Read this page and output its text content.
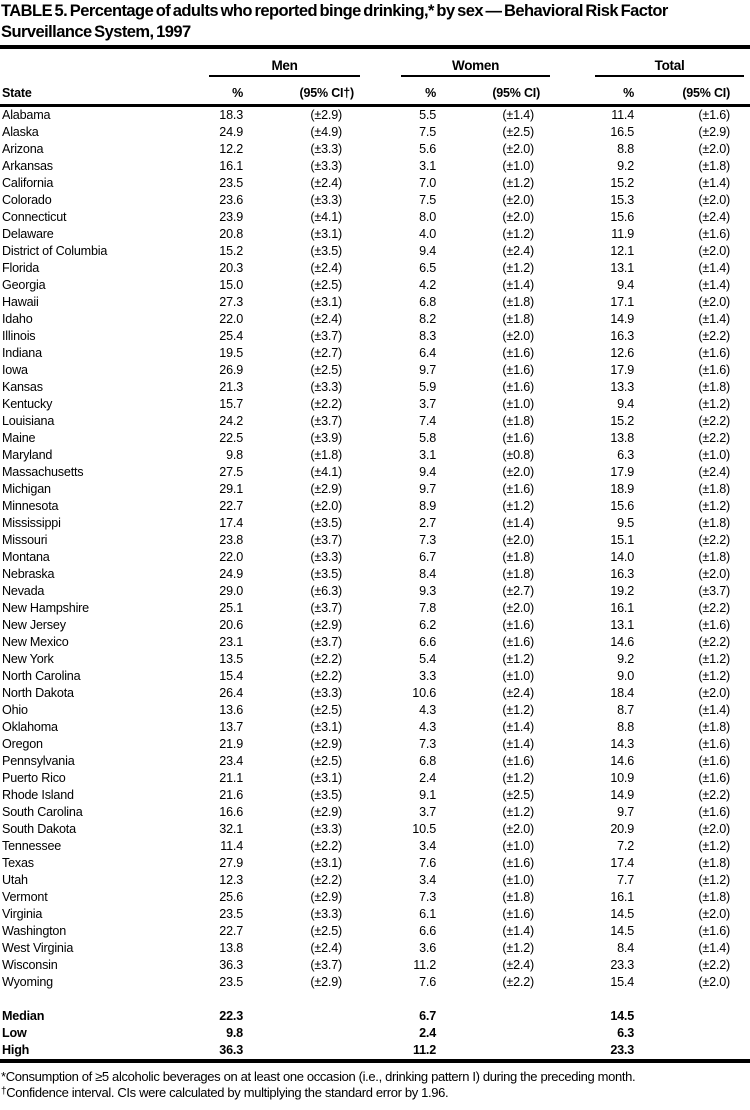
TABLE 5. Percentage of adults who reported binge drinking,* by sex — Behavioral Risk Factor Surveillance System, 1997

	Men		Women		Total	

State	%	(95% CI†)	%	(95% CI)	%	(95% CI)
Alabama	18.3	(±2.9)	5.5	(±1.4)	11.4	(±1.6)
Alaska	24.9	(±4.9)	7.5	(±2.5)	16.5	(±2.9)
Arizona	12.2	(±3.3)	5.6	(±2.0)	8.8	(±2.0)
Arkansas	16.1	(±3.3)	3.1	(±1.0)	9.2	(±1.8)
California	23.5	(±2.4)	7.0	(±1.2)	15.2	(±1.4)
Colorado	23.6	(±3.3)	7.5	(±2.0)	15.3	(±2.0)
Connecticut	23.9	(±4.1)	8.0	(±2.0)	15.6	(±2.4)
Delaware	20.8	(±3.1)	4.0	(±1.2)	11.9	(±1.6)
District of Columbia	15.2	(±3.5)	9.4	(±2.4)	12.1	(±2.0)
Florida	20.3	(±2.4)	6.5	(±1.2)	13.1	(±1.4)
Georgia	15.0	(±2.5)	4.2	(±1.4)	9.4	(±1.4)
Hawaii	27.3	(±3.1)	6.8	(±1.8)	17.1	(±2.0)
Idaho	22.0	(±2.4)	8.2	(±1.8)	14.9	(±1.4)
Illinois	25.4	(±3.7)	8.3	(±2.0)	16.3	(±2.2)
Indiana	19.5	(±2.7)	6.4	(±1.6)	12.6	(±1.6)
Iowa	26.9	(±2.5)	9.7	(±1.6)	17.9	(±1.6)
Kansas	21.3	(±3.3)	5.9	(±1.6)	13.3	(±1.8)
Kentucky	15.7	(±2.2)	3.7	(±1.0)	9.4	(±1.2)
Louisiana	24.2	(±3.7)	7.4	(±1.8)	15.2	(±2.2)
Maine	22.5	(±3.9)	5.8	(±1.6)	13.8	(±2.2)
Maryland	9.8	(±1.8)	3.1	(±0.8)	6.3	(±1.0)
Massachusetts	27.5	(±4.1)	9.4	(±2.0)	17.9	(±2.4)
Michigan	29.1	(±2.9)	9.7	(±1.6)	18.9	(±1.8)
Minnesota	22.7	(±2.0)	8.9	(±1.2)	15.6	(±1.2)
Mississippi	17.4	(±3.5)	2.7	(±1.4)	9.5	(±1.8)
Missouri	23.8	(±3.7)	7.3	(±2.0)	15.1	(±2.2)
Montana	22.0	(±3.3)	6.7	(±1.8)	14.0	(±1.8)
Nebraska	24.9	(±3.5)	8.4	(±1.8)	16.3	(±2.0)
Nevada	29.0	(±6.3)	9.3	(±2.7)	19.2	(±3.7)
New Hampshire	25.1	(±3.7)	7.8	(±2.0)	16.1	(±2.2)
New Jersey	20.6	(±2.9)	6.2	(±1.6)	13.1	(±1.6)
New Mexico	23.1	(±3.7)	6.6	(±1.6)	14.6	(±2.2)
New York	13.5	(±2.2)	5.4	(±1.2)	9.2	(±1.2)
North Carolina	15.4	(±2.2)	3.3	(±1.0)	9.0	(±1.2)
North Dakota	26.4	(±3.3)	10.6	(±2.4)	18.4	(±2.0)
Ohio	13.6	(±2.5)	4.3	(±1.2)	8.7	(±1.4)
Oklahoma	13.7	(±3.1)	4.3	(±1.4)	8.8	(±1.8)
Oregon	21.9	(±2.9)	7.3	(±1.4)	14.3	(±1.6)
Pennsylvania	23.4	(±2.5)	6.8	(±1.6)	14.6	(±1.6)
Puerto Rico	21.1	(±3.1)	2.4	(±1.2)	10.9	(±1.6)
Rhode Island	21.6	(±3.5)	9.1	(±2.5)	14.9	(±2.2)
South Carolina	16.6	(±2.9)	3.7	(±1.2)	9.7	(±1.6)
South Dakota	32.1	(±3.3)	10.5	(±2.0)	20.9	(±2.0)
Tennessee	11.4	(±2.2)	3.4	(±1.0)	7.2	(±1.2)
Texas	27.9	(±3.1)	7.6	(±1.6)	17.4	(±1.8)
Utah	12.3	(±2.2)	3.4	(±1.0)	7.7	(±1.2)
Vermont	25.6	(±2.9)	7.3	(±1.8)	16.1	(±1.8)
Virginia	23.5	(±3.3)	6.1	(±1.6)	14.5	(±2.0)
Washington	22.7	(±2.5)	6.6	(±1.4)	14.5	(±1.6)
West Virginia	13.8	(±2.4)	3.6	(±1.2)	8.4	(±1.4)
Wisconsin	36.3	(±3.7)	11.2	(±2.4)	23.3	(±2.2)
Wyoming	23.5	(±2.9)	7.6	(±2.2)	15.4	(±2.0)

Median	22.3		6.7		14.5	
Low	9.8		2.4		6.3	
High	36.3		11.2		23.3	
*Consumption of ≥5 alcoholic beverages on at least one occasion (i.e., drinking pattern I) during the preceding month.
†Confidence interval. CIs were calculated by multiplying the standard error by 1.96.
